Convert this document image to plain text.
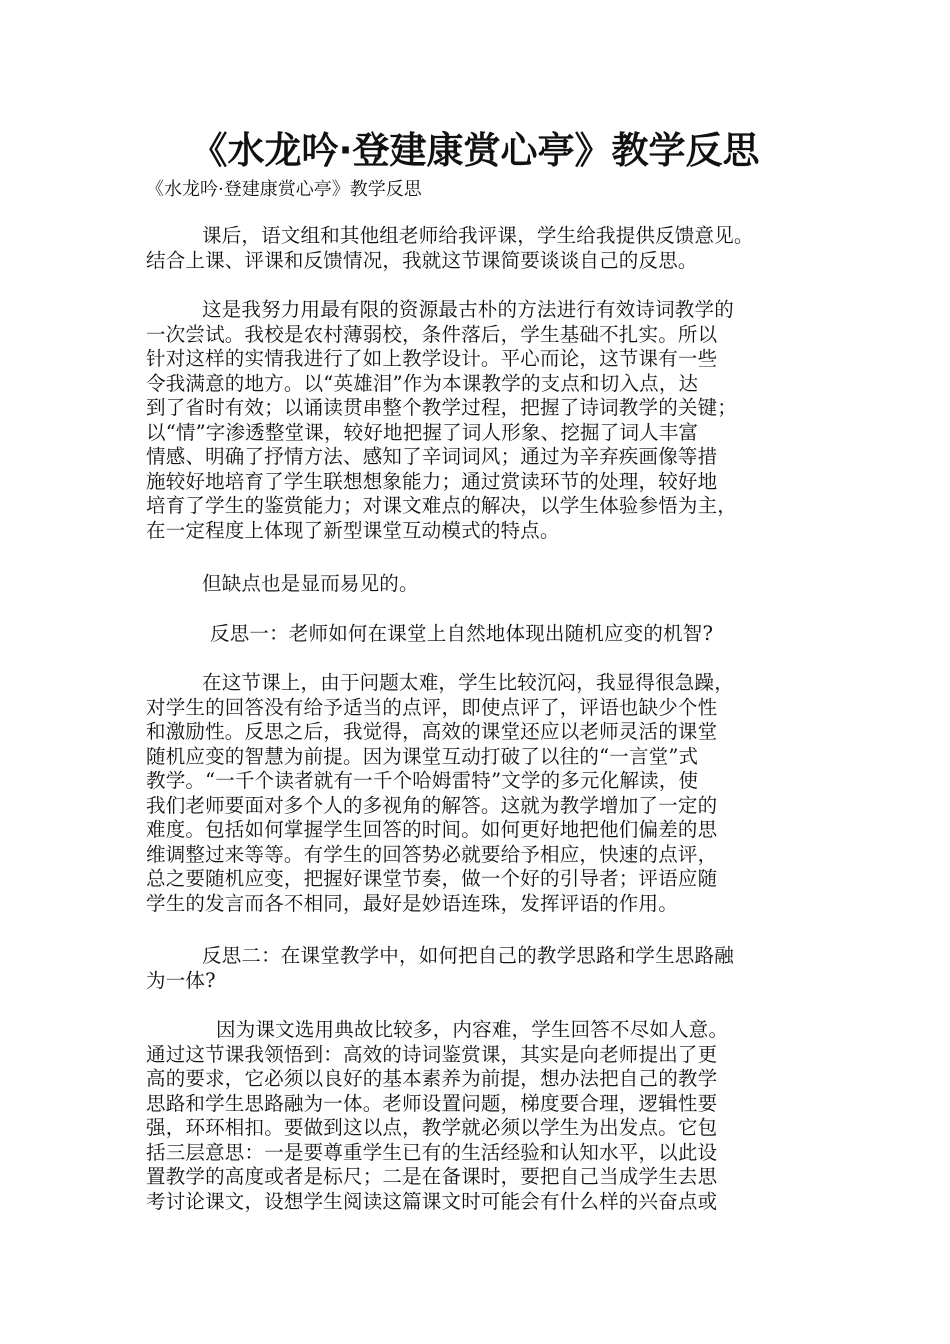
《水龙吟·登建康赏心亭》教学反思
《水龙吟·登建康赏心亭》教学反思
课后，语文组和其他组老师给我评课，学生给我提供反馈意见。
结合上课、评课和反馈情况，我就这节课简要谈谈自己的反思。
这是我努力用最有限的资源最古朴的方法进行有效诗词教学的
一次尝试。我校是农村薄弱校，条件落后，学生基础不扎实。所以
针对这样的实情我进行了如上教学设计。平心而论，这节课有一些
令我满意的地方。以“英雄泪”作为本课教学的支点和切入点，达
到了省时有效；以诵读贯串整个教学过程，把握了诗词教学的关键；
以“情”字渗透整堂课，较好地把握了词人形象、挖掘了词人丰富
情感、明确了抒情方法、感知了辛词词风；通过为辛弃疾画像等措
施较好地培育了学生联想想象能力；通过赏读环节的处理，较好地
培育了学生的鉴赏能力；对课文难点的解决，以学生体验参悟为主，
在一定程度上体现了新型课堂互动模式的特点。
但缺点也是显而易见的。
反思一：老师如何在课堂上自然地体现出随机应变的机智?
在这节课上，由于问题太难，学生比较沉闷，我显得很急躁，
对学生的回答没有给予适当的点评，即使点评了，评语也缺少个性
和激励性。反思之后，我觉得，高效的课堂还应以老师灵活的课堂
随机应变的智慧为前提。因为课堂互动打破了以往的“一言堂”式
教学。“一千个读者就有一千个哈姆雷特”文学的多元化解读，使
我们老师要面对多个人的多视角的解答。这就为教学增加了一定的
难度。包括如何掌握学生回答的时间。如何更好地把他们偏差的思
维调整过来等等。有学生的回答势必就要给予相应，快速的点评，
总之要随机应变，把握好课堂节奏，做一个好的引导者；评语应随
学生的发言而各不相同，最好是妙语连珠，发挥评语的作用。
反思二：在课堂教学中，如何把自己的教学思路和学生思路融
为一体?
因为课文选用典故比较多，内容难，学生回答不尽如人意。
通过这节课我领悟到：高效的诗词鉴赏课，其实是向老师提出了更
高的要求，它必须以良好的基本素养为前提，想办法把自己的教学
思路和学生思路融为一体。老师设置问题，梯度要合理，逻辑性要
强，环环相扣。要做到这以点，教学就必须以学生为出发点。它包
括三层意思：一是要尊重学生已有的生活经验和认知水平，以此设
置教学的高度或者是标尺；二是在备课时，要把自己当成学生去思
考讨论课文，设想学生阅读这篇课文时可能会有什么样的兴奋点或
